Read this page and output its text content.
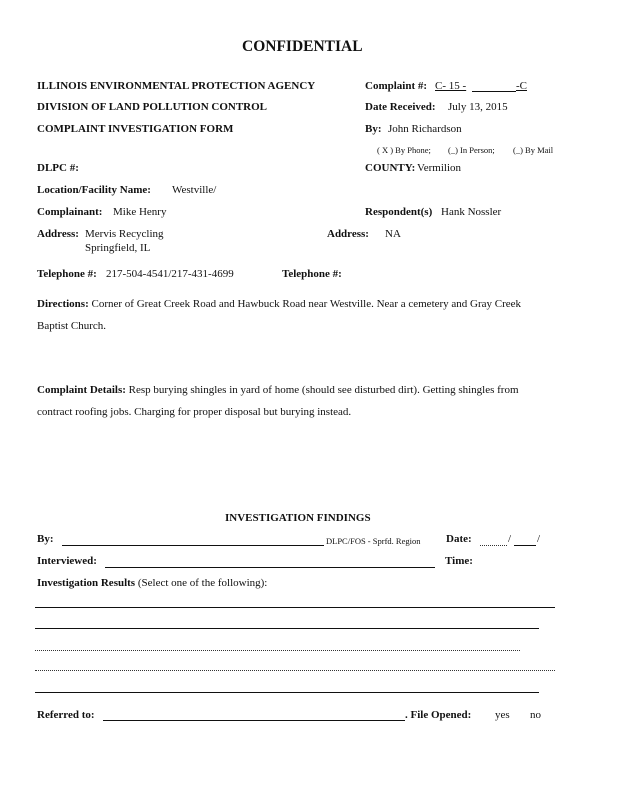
CONFIDENTIAL
ILLINOIS ENVIRONMENTAL PROTECTION AGENCY
DIVISION OF LAND POLLUTION CONTROL
COMPLAINT INVESTIGATION FORM
Complaint #: C- 15 -	-C
Date Received: July 13, 2015
By: John Richardson
( X ) By Phone; (_) In Person; (_) By Mail
DLPC #:	COUNTY: Vermilion
Location/Facility Name: Westville/
Complainant: Mike Henry	Respondent(s) Hank Nossler
Address: Mervis Recycling
Springfield, IL
Address: NA
Telephone #: 217-504-4541/217-431-4699	Telephone #:
Directions: Corner of Great Creek Road and Hawbuck Road near Westville. Near a cemetery and Gray Creek
Baptist Church.
Complaint Details: Resp burying shingles in yard of home (should see disturbed dirt). Getting shingles from
contract roofing jobs. Charging for proper disposal but burying instead.
INVESTIGATION FINDINGS
By:	DLPC/FOS - Sprfd. Region Date:	/ /
Interviewed:	Time:
Investigation Results (Select one of the following):
Referred to:	. File Opened: yes no
